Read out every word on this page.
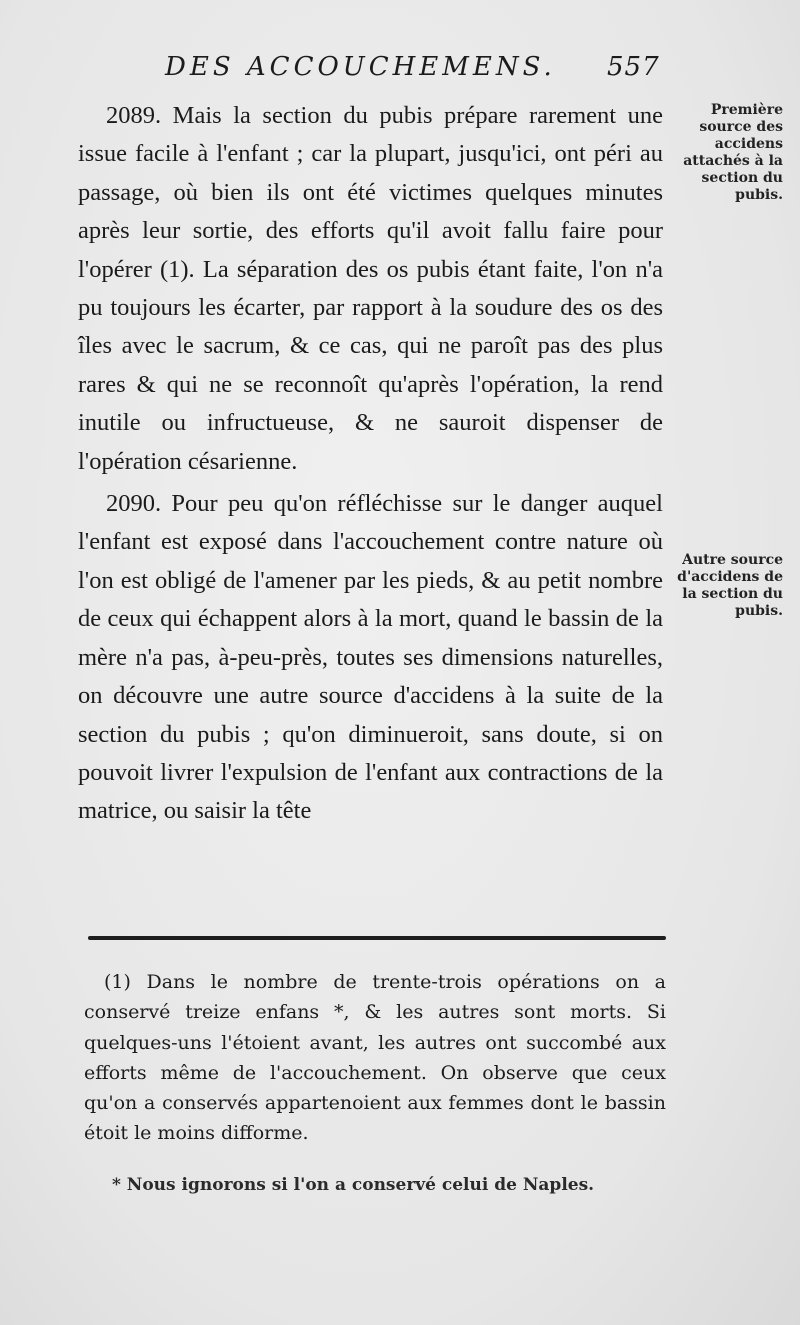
DES ACCOUCHEMENS. 557

2089. Mais la section du pubis prépare rarement une issue facile à l'enfant ; car la plupart, jusqu'ici, ont péri au passage, où bien ils ont été victimes quelques minutes après leur sortie, des efforts qu'il avoit fallu faire pour l'opérer (1). La séparation des os pubis étant faite, l'on n'a pu toujours les écarter, par rapport à la soudure des os des îles avec le sacrum, & ce cas, qui ne paroît pas des plus rares & qui ne se reconnoît qu'après l'opération, la rend inutile ou infructueuse, & ne sauroit dispenser de l'opération césarienne.

2090. Pour peu qu'on réfléchisse sur le danger auquel l'enfant est exposé dans l'accouchement contre nature où l'on est obligé de l'amener par les pieds, & au petit nombre de ceux qui échappent alors à la mort, quand le bassin de la mère n'a pas, à-peu-près, toutes ses dimensions naturelles, on découvre une autre source d'accidens à la suite de la section du pubis ; qu'on diminueroit, sans doute, si on pouvoit livrer l'expulsion de l'enfant aux contractions de la matrice, ou saisir la tête

Première source des accidens attachés à la section du pubis.
Autre source d'accidens de la section du pubis.

(1) Dans le nombre de trente-trois opérations on a conservé treize enfans *, & les autres sont morts. Si quelques-uns l'étoient avant, les autres ont succombé aux efforts même de l'accouchement. On observe que ceux qu'on a conservés appartenoient aux femmes dont le bassin étoit le moins difforme.

* Nous ignorons si l'on a conservé celui de Naples.
